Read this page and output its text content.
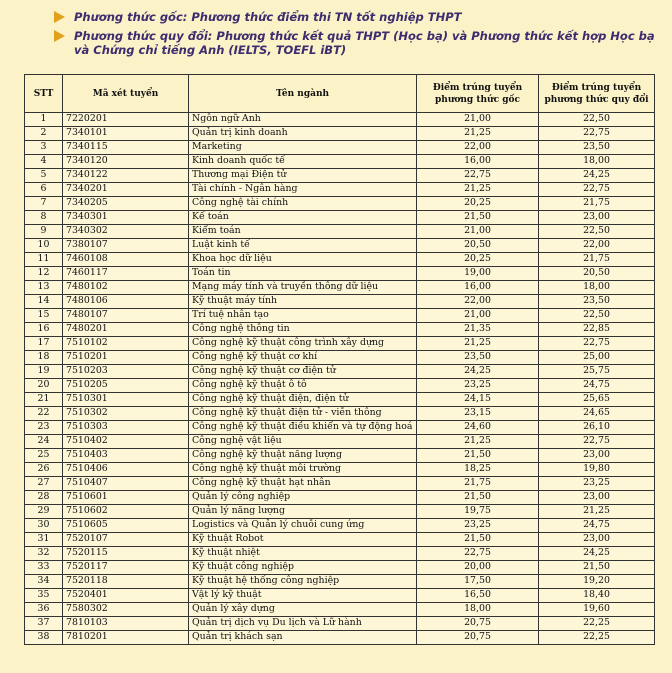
Phương thức gốc: Phương thức điểm thi TN tốt nghiệp THPT
Phương thức quy đổi: Phương thức kết quả THPT (Học bạ) và Phương thức kết hợp Học bạ và Chứng chỉ tiếng Anh (IELTS, TOEFL iBT)
STT	Mã xét tuyển	Tên ngành	Điểm trúng tuyển phương thức gốc	Điểm trúng tuyển phương thức quy đổi
1	7220201	Ngôn ngữ Anh	21,00	22,50
2	7340101	Quản trị kinh doanh	21,25	22,75
3	7340115	Marketing	22,00	23,50
4	7340120	Kinh doanh quốc tế	16,00	18,00
5	7340122	Thương mại Điện tử	22,75	24,25
6	7340201	Tài chính - Ngân hàng	21,25	22,75
7	7340205	Công nghệ tài chính	20,25	21,75
8	7340301	Kế toán	21,50	23,00
9	7340302	Kiểm toán	21,00	22,50
10	7380107	Luật kinh tế	20,50	22,00
11	7460108	Khoa học dữ liệu	20,25	21,75
12	7460117	Toán tin	19,00	20,50
13	7480102	Mạng máy tính và truyền thông dữ liệu	16,00	18,00
14	7480106	Kỹ thuật máy tính	22,00	23,50
15	7480107	Trí tuệ nhân tạo	21,00	22,50
16	7480201	Công nghệ thông tin	21,35	22,85
17	7510102	Công nghệ kỹ thuật công trình xây dựng	21,25	22,75
18	7510201	Công nghệ kỹ thuật cơ khí	23,50	25,00
19	7510203	Công nghệ kỹ thuật cơ điện tử	24,25	25,75
20	7510205	Công nghệ kỹ thuật ô tô	23,25	24,75
21	7510301	Công nghệ kỹ thuật điện, điện tử	24,15	25,65
22	7510302	Công nghệ kỹ thuật điện tử - viễn thông	23,15	24,65
23	7510303	Công nghệ kỹ thuật điều khiển và tự động hoá	24,60	26,10
24	7510402	Công nghệ vật liệu	21,25	22,75
25	7510403	Công nghệ kỹ thuật năng lượng	21,50	23,00
26	7510406	Công nghệ kỹ thuật môi trường	18,25	19,80
27	7510407	Công nghệ kỹ thuật hạt nhân	21,75	23,25
28	7510601	Quản lý công nghiệp	21,50	23,00
29	7510602	Quản lý năng lượng	19,75	21,25
30	7510605	Logistics và Quản lý chuỗi cung ứng	23,25	24,75
31	7520107	Kỹ thuật Robot	21,50	23,00
32	7520115	Kỹ thuật nhiệt	22,75	24,25
33	7520117	Kỹ thuật công nghiệp	20,00	21,50
34	7520118	Kỹ thuật hệ thống công nghiệp	17,50	19,20
35	7520401	Vật lý kỹ thuật	16,50	18,40
36	7580302	Quản lý xây dựng	18,00	19,60
37	7810103	Quản trị dịch vụ Du lịch và Lữ hành	20,75	22,25
38	7810201	Quản trị khách sạn	20,75	22,25
